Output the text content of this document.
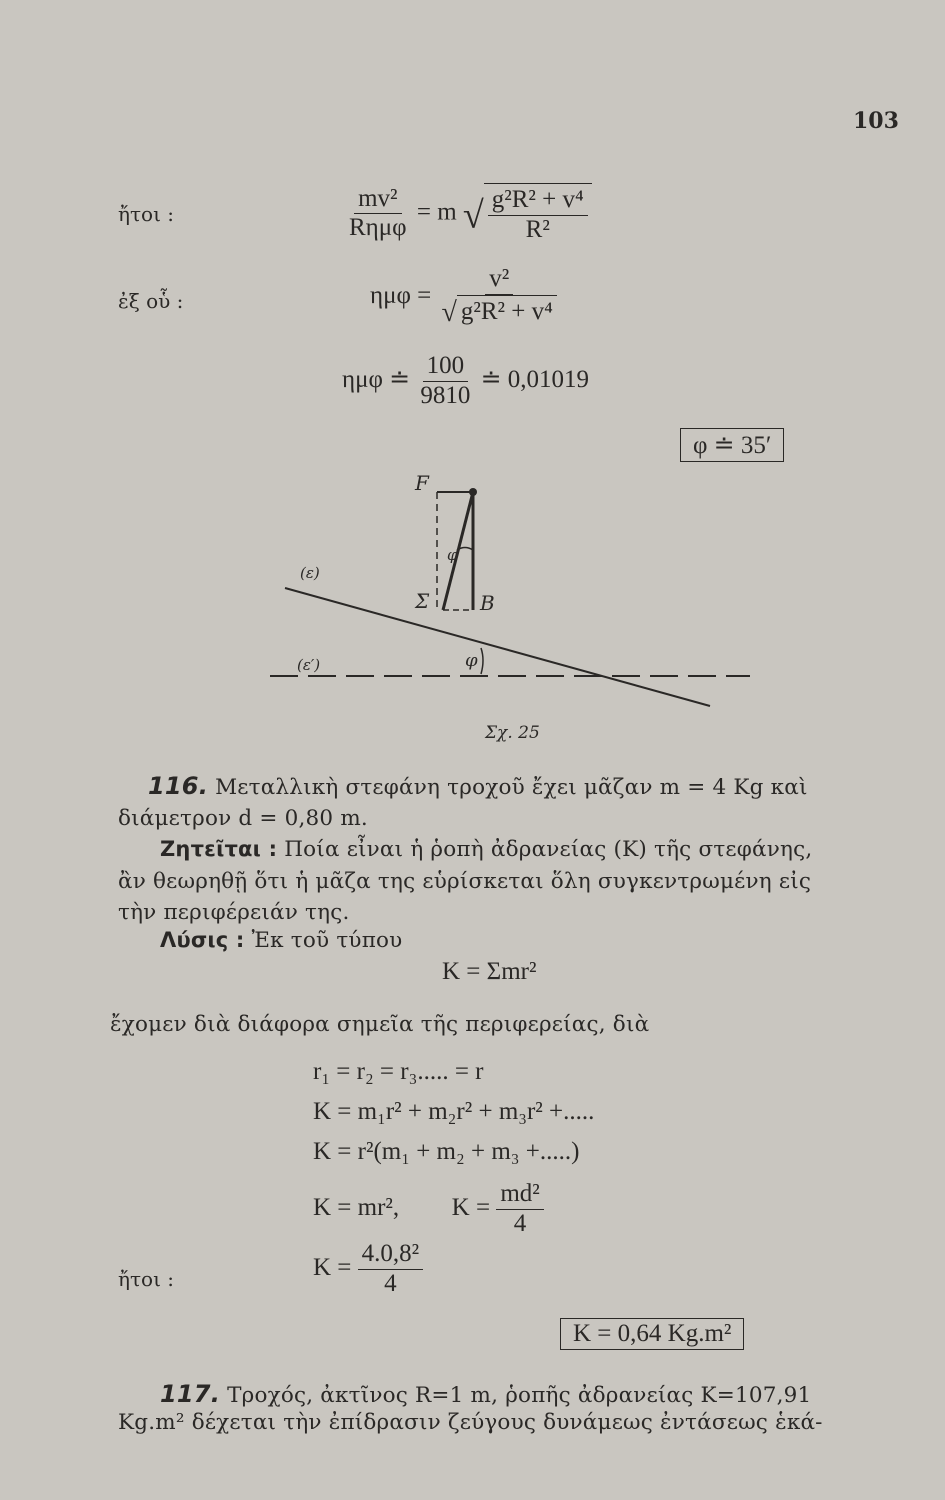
103
ἤτοι :	$\frac{\text{mv²}}{\text{Rημφ}} = m$ √ $\frac{\text{g²R² + v⁴}}{\text{R²}}$
ἐξ οὗ :	$\eta\mu\varphi = \frac{\text{v²}}{\text{√ g²R² + v⁴}}$
ημφ ≐ $\frac{100}{9810}$ ≐ 0,01019
φ ≐ 35′
F
B
Σ
φ
φ
(ε)
(ε′)
Σχ. 25
116. Μεταλλικὴ στεφάνη τροχοῦ ἔχει μᾶζαν m = 4 Kg καὶ
διάμετρον d = 0,80 m.
Ζητεῖται : Ποία εἶναι ἡ ῥοπὴ ἀδρανείας (Κ) τῆς στεφάνης,
ἂν θεωρηθῇ ὅτι ἡ μᾶζα της εὑρίσκεται ὅλη συγκεντρωμένη εἰς
τὴν περιφέρειάν της.
Λύσις : Ἐκ τοῦ τύπου
K = Σmr²
ἔχομεν διὰ διάφορα σημεῖα τῆς περιφερείας, διὰ
r₁ = r₂ = r₃..... = r
K = m₁r² + m₂r² + m₃r² +.....
K = r²(m₁ + m₂ + m₃ +.....)
K = mr², $K = \frac{\text{md²}}{4}$
ἤτοι :	$K = \frac{\text{4.0,8²}}{4}$
K = 0,64 Kg.m²
117. Τροχός, ἀκτῖνος R=1 m, ῥοπῆς ἀδρανείας K=107,91
Kg.m² δέχεται τὴν ἐπίδρασιν ζεύγους δυνάμεως ἐντάσεως ἑκά-
